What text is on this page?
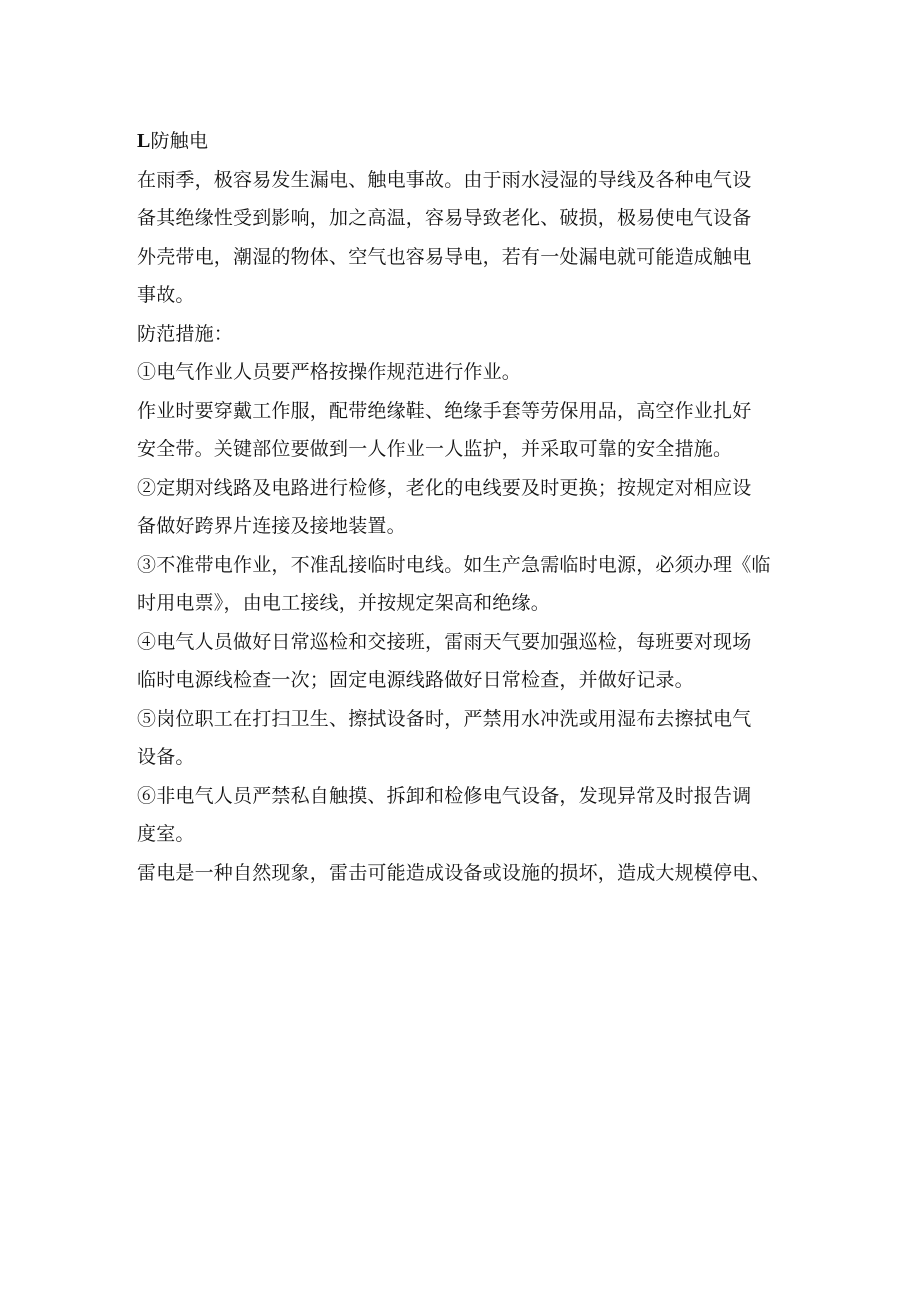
L防触电
在雨季，极容易发生漏电、触电事故。由于雨水浸湿的导线及各种电气设
备其绝缘性受到影响，加之高温，容易导致老化、破损，极易使电气设备
外壳带电，潮湿的物体、空气也容易导电，若有一处漏电就可能造成触电
事故。
防范措施：
①电气作业人员要严格按操作规范进行作业。
作业时要穿戴工作服，配带绝缘鞋、绝缘手套等劳保用品，高空作业扎好
安全带。关键部位要做到一人作业一人监护，并采取可靠的安全措施。
②定期对线路及电路进行检修，老化的电线要及时更换；按规定对相应设
备做好跨界片连接及接地装置。
③不准带电作业，不准乱接临时电线。如生产急需临时电源，必须办理《临
时用电票》，由电工接线，并按规定架高和绝缘。
④电气人员做好日常巡检和交接班，雷雨天气要加强巡检，每班要对现场
临时电源线检查一次；固定电源线路做好日常检查，并做好记录。
⑤岗位职工在打扫卫生、擦拭设备时，严禁用水冲洗或用湿布去擦拭电气
设备。
⑥非电气人员严禁私自触摸、拆卸和检修电气设备，发现异常及时报告调
度室。
雷电是一种自然现象，雷击可能造成设备或设施的损坏，造成大规模停电、
